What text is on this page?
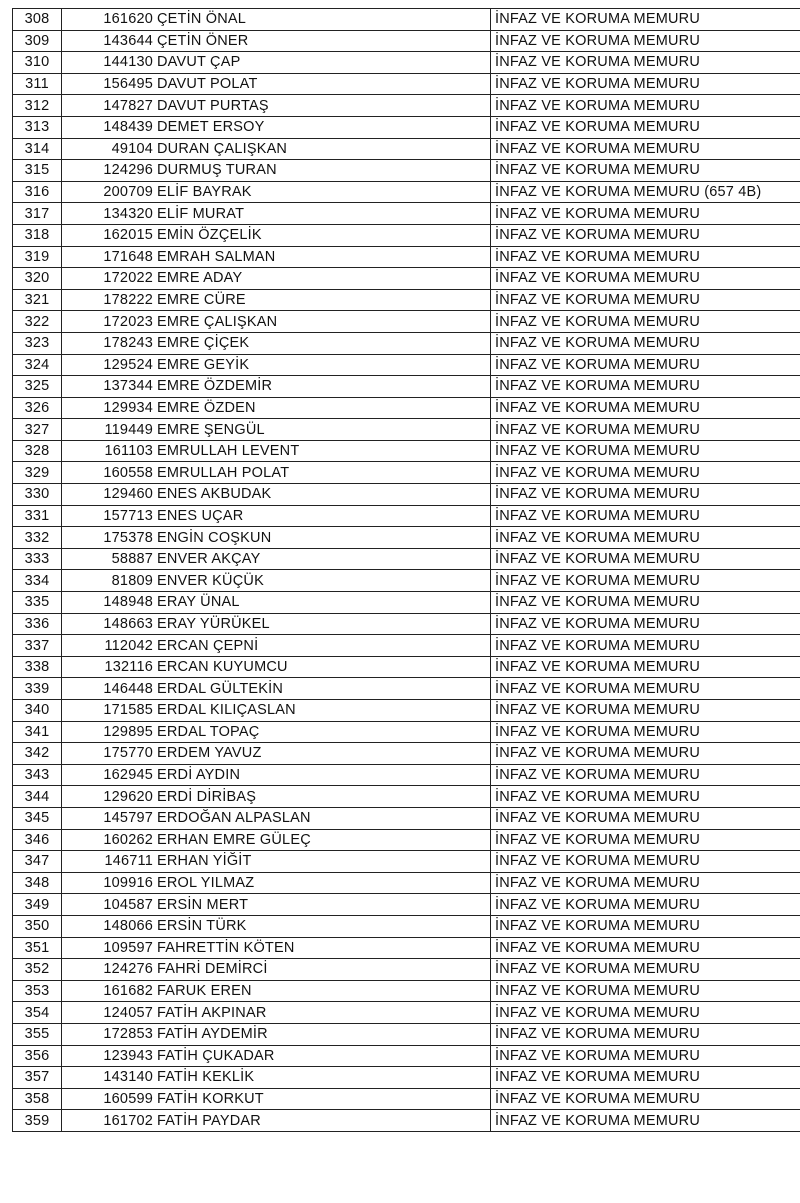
308	161620	ÇETİN ÖNAL	İNFAZ VE KORUMA MEMURU
309	143644	ÇETİN ÖNER	İNFAZ VE KORUMA MEMURU
310	144130	DAVUT ÇAP	İNFAZ VE KORUMA MEMURU
311	156495	DAVUT POLAT	İNFAZ VE KORUMA MEMURU
312	147827	DAVUT PURTAŞ	İNFAZ VE KORUMA MEMURU
313	148439	DEMET ERSOY	İNFAZ VE KORUMA MEMURU
314	49104	DURAN ÇALIŞKAN	İNFAZ VE KORUMA MEMURU
315	124296	DURMUŞ TURAN	İNFAZ VE KORUMA MEMURU
316	200709	ELİF BAYRAK	İNFAZ VE KORUMA MEMURU (657 4B)
317	134320	ELİF MURAT	İNFAZ VE KORUMA MEMURU
318	162015	EMİN ÖZÇELİK	İNFAZ VE KORUMA MEMURU
319	171648	EMRAH SALMAN	İNFAZ VE KORUMA MEMURU
320	172022	EMRE ADAY	İNFAZ VE KORUMA MEMURU
321	178222	EMRE CÜRE	İNFAZ VE KORUMA MEMURU
322	172023	EMRE ÇALIŞKAN	İNFAZ VE KORUMA MEMURU
323	178243	EMRE ÇİÇEK	İNFAZ VE KORUMA MEMURU
324	129524	EMRE GEYİK	İNFAZ VE KORUMA MEMURU
325	137344	EMRE ÖZDEMİR	İNFAZ VE KORUMA MEMURU
326	129934	EMRE ÖZDEN	İNFAZ VE KORUMA MEMURU
327	119449	EMRE ŞENGÜL	İNFAZ VE KORUMA MEMURU
328	161103	EMRULLAH LEVENT	İNFAZ VE KORUMA MEMURU
329	160558	EMRULLAH POLAT	İNFAZ VE KORUMA MEMURU
330	129460	ENES AKBUDAK	İNFAZ VE KORUMA MEMURU
331	157713	ENES UÇAR	İNFAZ VE KORUMA MEMURU
332	175378	ENGİN COŞKUN	İNFAZ VE KORUMA MEMURU
333	58887	ENVER AKÇAY	İNFAZ VE KORUMA MEMURU
334	81809	ENVER KÜÇÜK	İNFAZ VE KORUMA MEMURU
335	148948	ERAY ÜNAL	İNFAZ VE KORUMA MEMURU
336	148663	ERAY YÜRÜKEL	İNFAZ VE KORUMA MEMURU
337	112042	ERCAN ÇEPNİ	İNFAZ VE KORUMA MEMURU
338	132116	ERCAN KUYUMCU	İNFAZ VE KORUMA MEMURU
339	146448	ERDAL GÜLTEKİN	İNFAZ VE KORUMA MEMURU
340	171585	ERDAL KILIÇASLAN	İNFAZ VE KORUMA MEMURU
341	129895	ERDAL TOPAÇ	İNFAZ VE KORUMA MEMURU
342	175770	ERDEM YAVUZ	İNFAZ VE KORUMA MEMURU
343	162945	ERDİ AYDIN	İNFAZ VE KORUMA MEMURU
344	129620	ERDİ DİRİBAŞ	İNFAZ VE KORUMA MEMURU
345	145797	ERDOĞAN ALPASLAN	İNFAZ VE KORUMA MEMURU
346	160262	ERHAN EMRE GÜLEÇ	İNFAZ VE KORUMA MEMURU
347	146711	ERHAN YİĞİT	İNFAZ VE KORUMA MEMURU
348	109916	EROL YILMAZ	İNFAZ VE KORUMA MEMURU
349	104587	ERSİN MERT	İNFAZ VE KORUMA MEMURU
350	148066	ERSİN TÜRK	İNFAZ VE KORUMA MEMURU
351	109597	FAHRETTİN KÖTEN	İNFAZ VE KORUMA MEMURU
352	124276	FAHRİ DEMİRCİ	İNFAZ VE KORUMA MEMURU
353	161682	FARUK EREN	İNFAZ VE KORUMA MEMURU
354	124057	FATİH AKPINAR	İNFAZ VE KORUMA MEMURU
355	172853	FATİH AYDEMİR	İNFAZ VE KORUMA MEMURU
356	123943	FATİH ÇUKADAR	İNFAZ VE KORUMA MEMURU
357	143140	FATİH KEKLİK	İNFAZ VE KORUMA MEMURU
358	160599	FATİH KORKUT	İNFAZ VE KORUMA MEMURU
359	161702	FATİH PAYDAR	İNFAZ VE KORUMA MEMURU
